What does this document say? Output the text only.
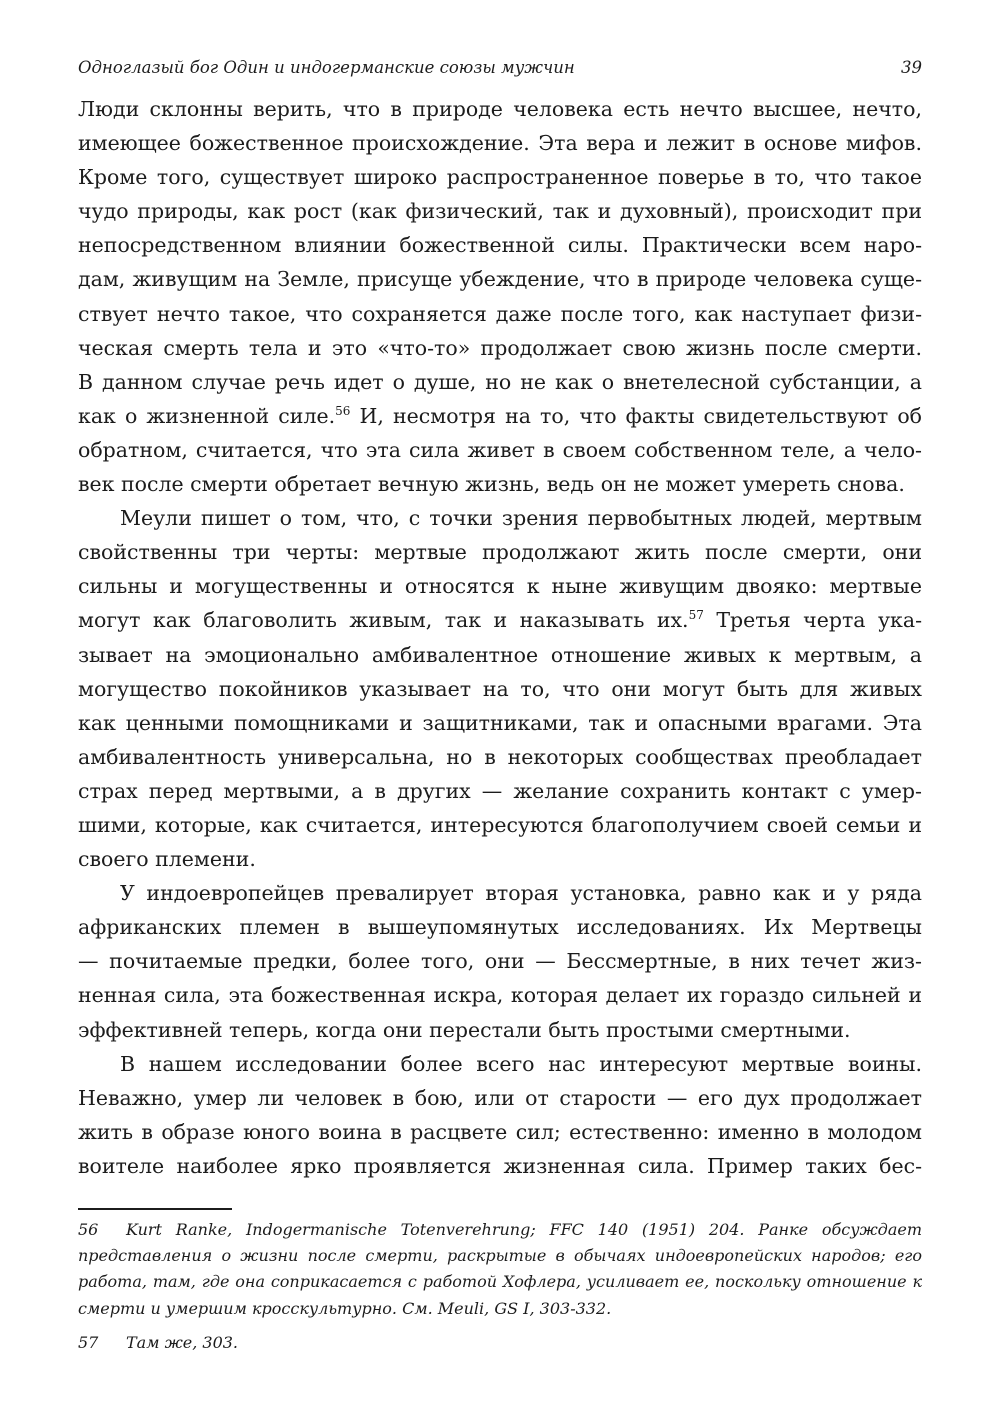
Одноглазый бог Один и индогерманские союзы мужчин	39
Люди склонны верить, что в природе человека есть нечто высшее, нечто,
имеющее божественное происхождение. Эта вера и лежит в основе мифов.
Кроме того, существует широко распространенное поверье в то, что такое
чудо природы, как рост (как физический, так и духовный), происходит при
непосредственном влиянии божественной силы. Практически всем наро-
дам, живущим на Земле, присуще убеждение, что в природе человека суще-
ствует нечто такое, что сохраняется даже после того, как наступает физи-
ческая смерть тела и это «что-то» продолжает свою жизнь после смерти.
В данном случае речь идет о душе, но не как о внетелесной субстанции, а
как о жизненной силе.$^{56}$ И, несмотря на то, что факты свидетельствуют об
обратном, считается, что эта сила живет в своем собственном теле, а чело-
век после смерти обретает вечную жизнь, ведь он не может умереть снова.
Меули пишет о том, что, с точки зрения первобытных людей, мертвым
свойственны три черты: мертвые продолжают жить после смерти, они
сильны и могущественны и относятся к ныне живущим двояко: мертвые
могут как благоволить живым, так и наказывать их.$^{57}$ Третья черта ука-
зывает на эмоционально амбивалентное отношение живых к мертвым, а
могущество покойников указывает на то, что они могут быть для живых
как ценными помощниками и защитниками, так и опасными врагами. Эта
амбивалентность универсальна, но в некоторых сообществах преобладает
страх перед мертвыми, а в других — желание сохранить контакт с умер-
шими, которые, как считается, интересуются благополучием своей семьи и
своего племени.
У индоевропейцев превалирует вторая установка, равно как и у ряда
африканских племен в вышеупомянутых исследованиях. Их Мертвецы
— почитаемые предки, более того, они — Бессмертные, в них течет жиз-
ненная сила, эта божественная искра, которая делает их гораздо сильней и
эффективней теперь, когда они перестали быть простыми смертными.
В нашем исследовании более всего нас интересуют мертвые воины.
Неважно, умер ли человек в бою, или от старости — его дух продолжает
жить в образе юного воина в расцвете сил; естественно: именно в молодом
воителе наиболее ярко проявляется жизненная сила. Пример таких бес-
56 Kurt Ranke, Indogermanische Totenverehrung; FFC 140 (1951) 204. Ранке обсуждает
представления о жизни после смерти, раскрытые в обычаях индоевропейских народов; его
работа, там, где она соприкасается с работой Хофлера, усиливает ее, поскольку отношение к
смерти и умершим кросскультурно. См. Meuli, GS I, 303-332.
57 Там же, 303.
